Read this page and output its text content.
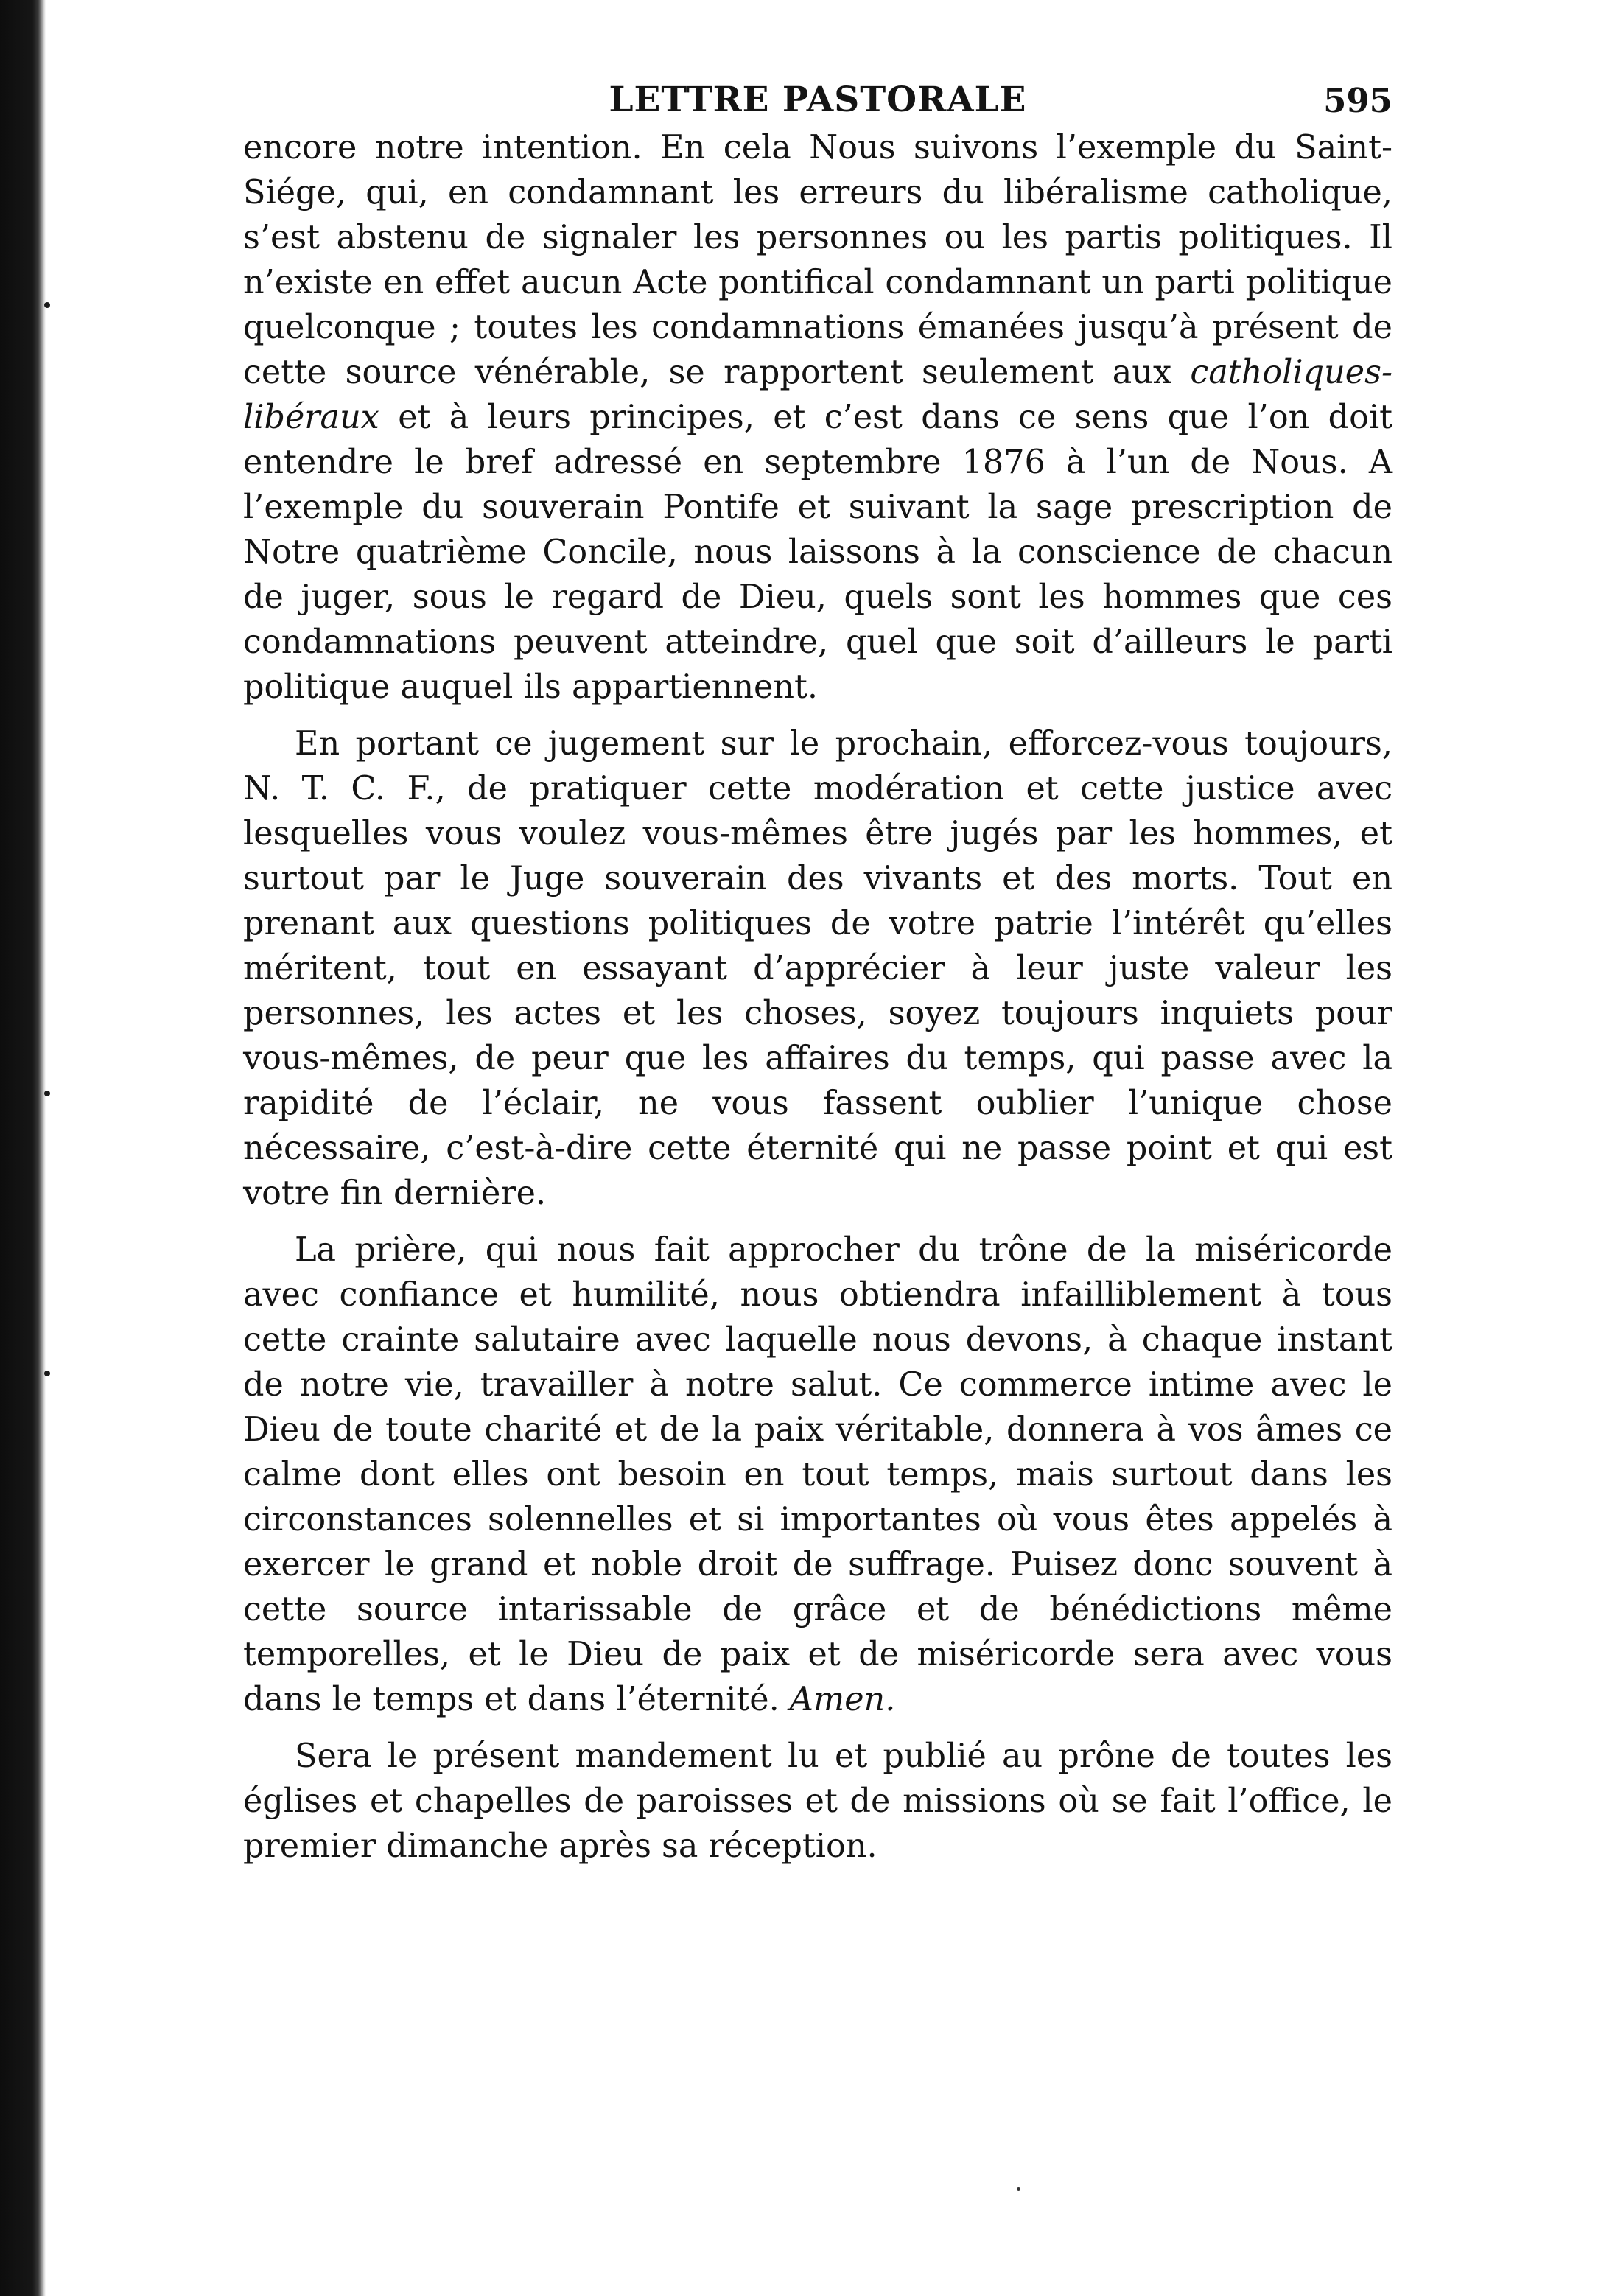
LETTRE PASTORALE	595

encore notre intention. En cela Nous suivons l’exemple du Saint-Siége, qui, en condamnant les erreurs du libéralisme catholique, s’est abstenu de signaler les personnes ou les partis politiques. Il n’existe en effet aucun Acte pontifical condamnant un parti politique quelconque ; toutes les condamnations émanées jusqu’à présent de cette source vénérable, se rapportent seulement aux catholiques-libéraux et à leurs principes, et c’est dans ce sens que l’on doit entendre le bref adressé en septembre 1876 à l’un de Nous. A l’exemple du souverain Pontife et suivant la sage prescription de Notre quatrième Concile, nous laissons à la conscience de chacun de juger, sous le regard de Dieu, quels sont les hommes que ces condamnations peuvent atteindre, quel que soit d’ailleurs le parti politique auquel ils appartiennent.

En portant ce jugement sur le prochain, efforcez-vous toujours, N. T. C. F., de pratiquer cette modération et cette justice avec lesquelles vous voulez vous-mêmes être jugés par les hommes, et surtout par le Juge souverain des vivants et des morts. Tout en prenant aux questions politiques de votre patrie l’intérêt qu’elles méritent, tout en essayant d’apprécier à leur juste valeur les personnes, les actes et les choses, soyez toujours inquiets pour vous-mêmes, de peur que les affaires du temps, qui passe avec la rapidité de l’éclair, ne vous fassent oublier l’unique chose nécessaire, c’est-à-dire cette éternité qui ne passe point et qui est votre fin dernière.

La prière, qui nous fait approcher du trône de la miséricorde avec confiance et humilité, nous obtiendra infailliblement à tous cette crainte salutaire avec laquelle nous devons, à chaque instant de notre vie, travailler à notre salut. Ce commerce intime avec le Dieu de toute charité et de la paix véritable, donnera à vos âmes ce calme dont elles ont besoin en tout temps, mais surtout dans les circonstances solennelles et si importantes où vous êtes appelés à exercer le grand et noble droit de suffrage. Puisez donc souvent à cette source intarissable de grâce et de bénédictions même temporelles, et le Dieu de paix et de miséricorde sera avec vous dans le temps et dans l’éternité. Amen.

Sera le présent mandement lu et publié au prône de toutes les églises et chapelles de paroisses et de missions où se fait l’office, le premier dimanche après sa réception.
